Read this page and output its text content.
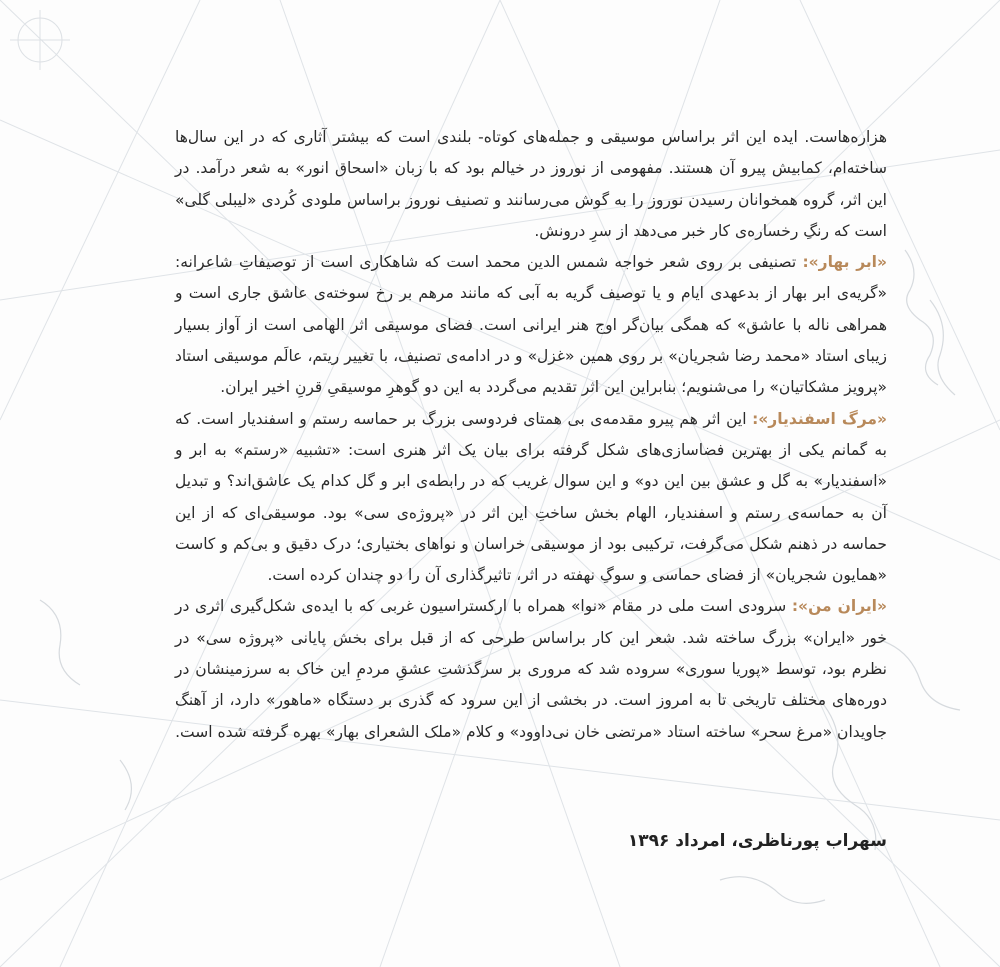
هزاره‌هاست. ایده این اثر براساس موسیقی و جمله‌های کوتاه- بلندی است که بیشتر آثاری که در این سال‌ها ساخته‌ام، کمابیش پیرو آن هستند. مفهومی از نوروز در خیالم بود که با زبان «اسحاق انور» به شعر درآمد. در این اثر، گروه همخوانان رسیدن نوروز را به گوش می‌رسانند و تصنیف نوروز براساس ملودی کُردی «لیبلی گلی» است که رنگِ رخساره‌ی کار خبر می‌دهد از سرِ درونش.

«ابر بهار»: تصنیفی بر روی شعر خواجه شمس الدین محمد است که شاهکاری است از توصیفاتِ شاعرانه: «گریه‌ی ابر بهار از بدعهدی ایام و یا توصیف گریه به آبی که مانند مرهم بر رخ سوخته‌ی عاشق جاری است و همراهی ناله با عاشق» که همگی بیان‌گر اوج هنر ایرانی است. فضای موسیقی اثر الهامی است از آواز بسیار زیبای استاد «محمد رضا شجریان» بر روی همین «غزل» و در ادامه‌ی تصنیف، با تغییر ریتم، عالَم موسیقی استاد «پرویز مشکاتیان» را می‌شنویم؛ بنابراین این اثر تقدیم می‌گردد به این دو گوهرِ موسیقیِ قرنِ اخیر ایران.

«مرگ اسفندیار»: این اثر هم پیرو مقدمه‌ی بی همتای فردوسی بزرگ بر حماسه رستم و اسفندیار است. که به گمانم یکی از بهترین فضاسازی‌های شکل گرفته برای بیان یک اثر هنری است: «تشبیه «رستم» به ابر و «اسفندیار» به گل و عشق بین این دو» و این سوال غریب که در رابطه‌ی ابر و گل کدام یک عاشق‌اند؟ و تبدیل آن به حماسه‌ی رستم و اسفندیار، الهام بخش ساختِ این اثر در «پروژه‌ی سی» بود. موسیقی‌ای که از این حماسه در ذهنم شکل می‌گرفت، ترکیبی بود از موسیقی خراسان و نواهای بختیاری؛ درک دقیق و بی‌کم و کاست «همایون شجریان» از فضای حماسی و سوگِ نهفته در اثر، تاثیرگذاری آن را دو چندان کرده است.

«ایران من»: سرودی است ملی در مقام «نوا» همراه با ارکستراسیون غربی که با ایده‌ی شکل‌گیری اثری در خور «ایران» بزرگ ساخته شد. شعر این کار براساس طرحی که از قبل برای بخش پایانی «پروژه سی» در نظرم بود، توسط «پوریا سوری» سروده شد که مروری بر سرگذشتِ عشقِ مردمِ این خاک به سرزمینشان در دوره‌های مختلف تاریخی تا به امروز است. در بخشی از این سرود که گذری بر دستگاه «ماهور» دارد، از آهنگ جاویدان «مرغ سحر» ساخته استاد «مرتضی خان نی‌داوود» و کلام «ملک الشعرای بهار» بهره گرفته شده است.

سهراب پورناظری، امرداد ۱۳۹۶
